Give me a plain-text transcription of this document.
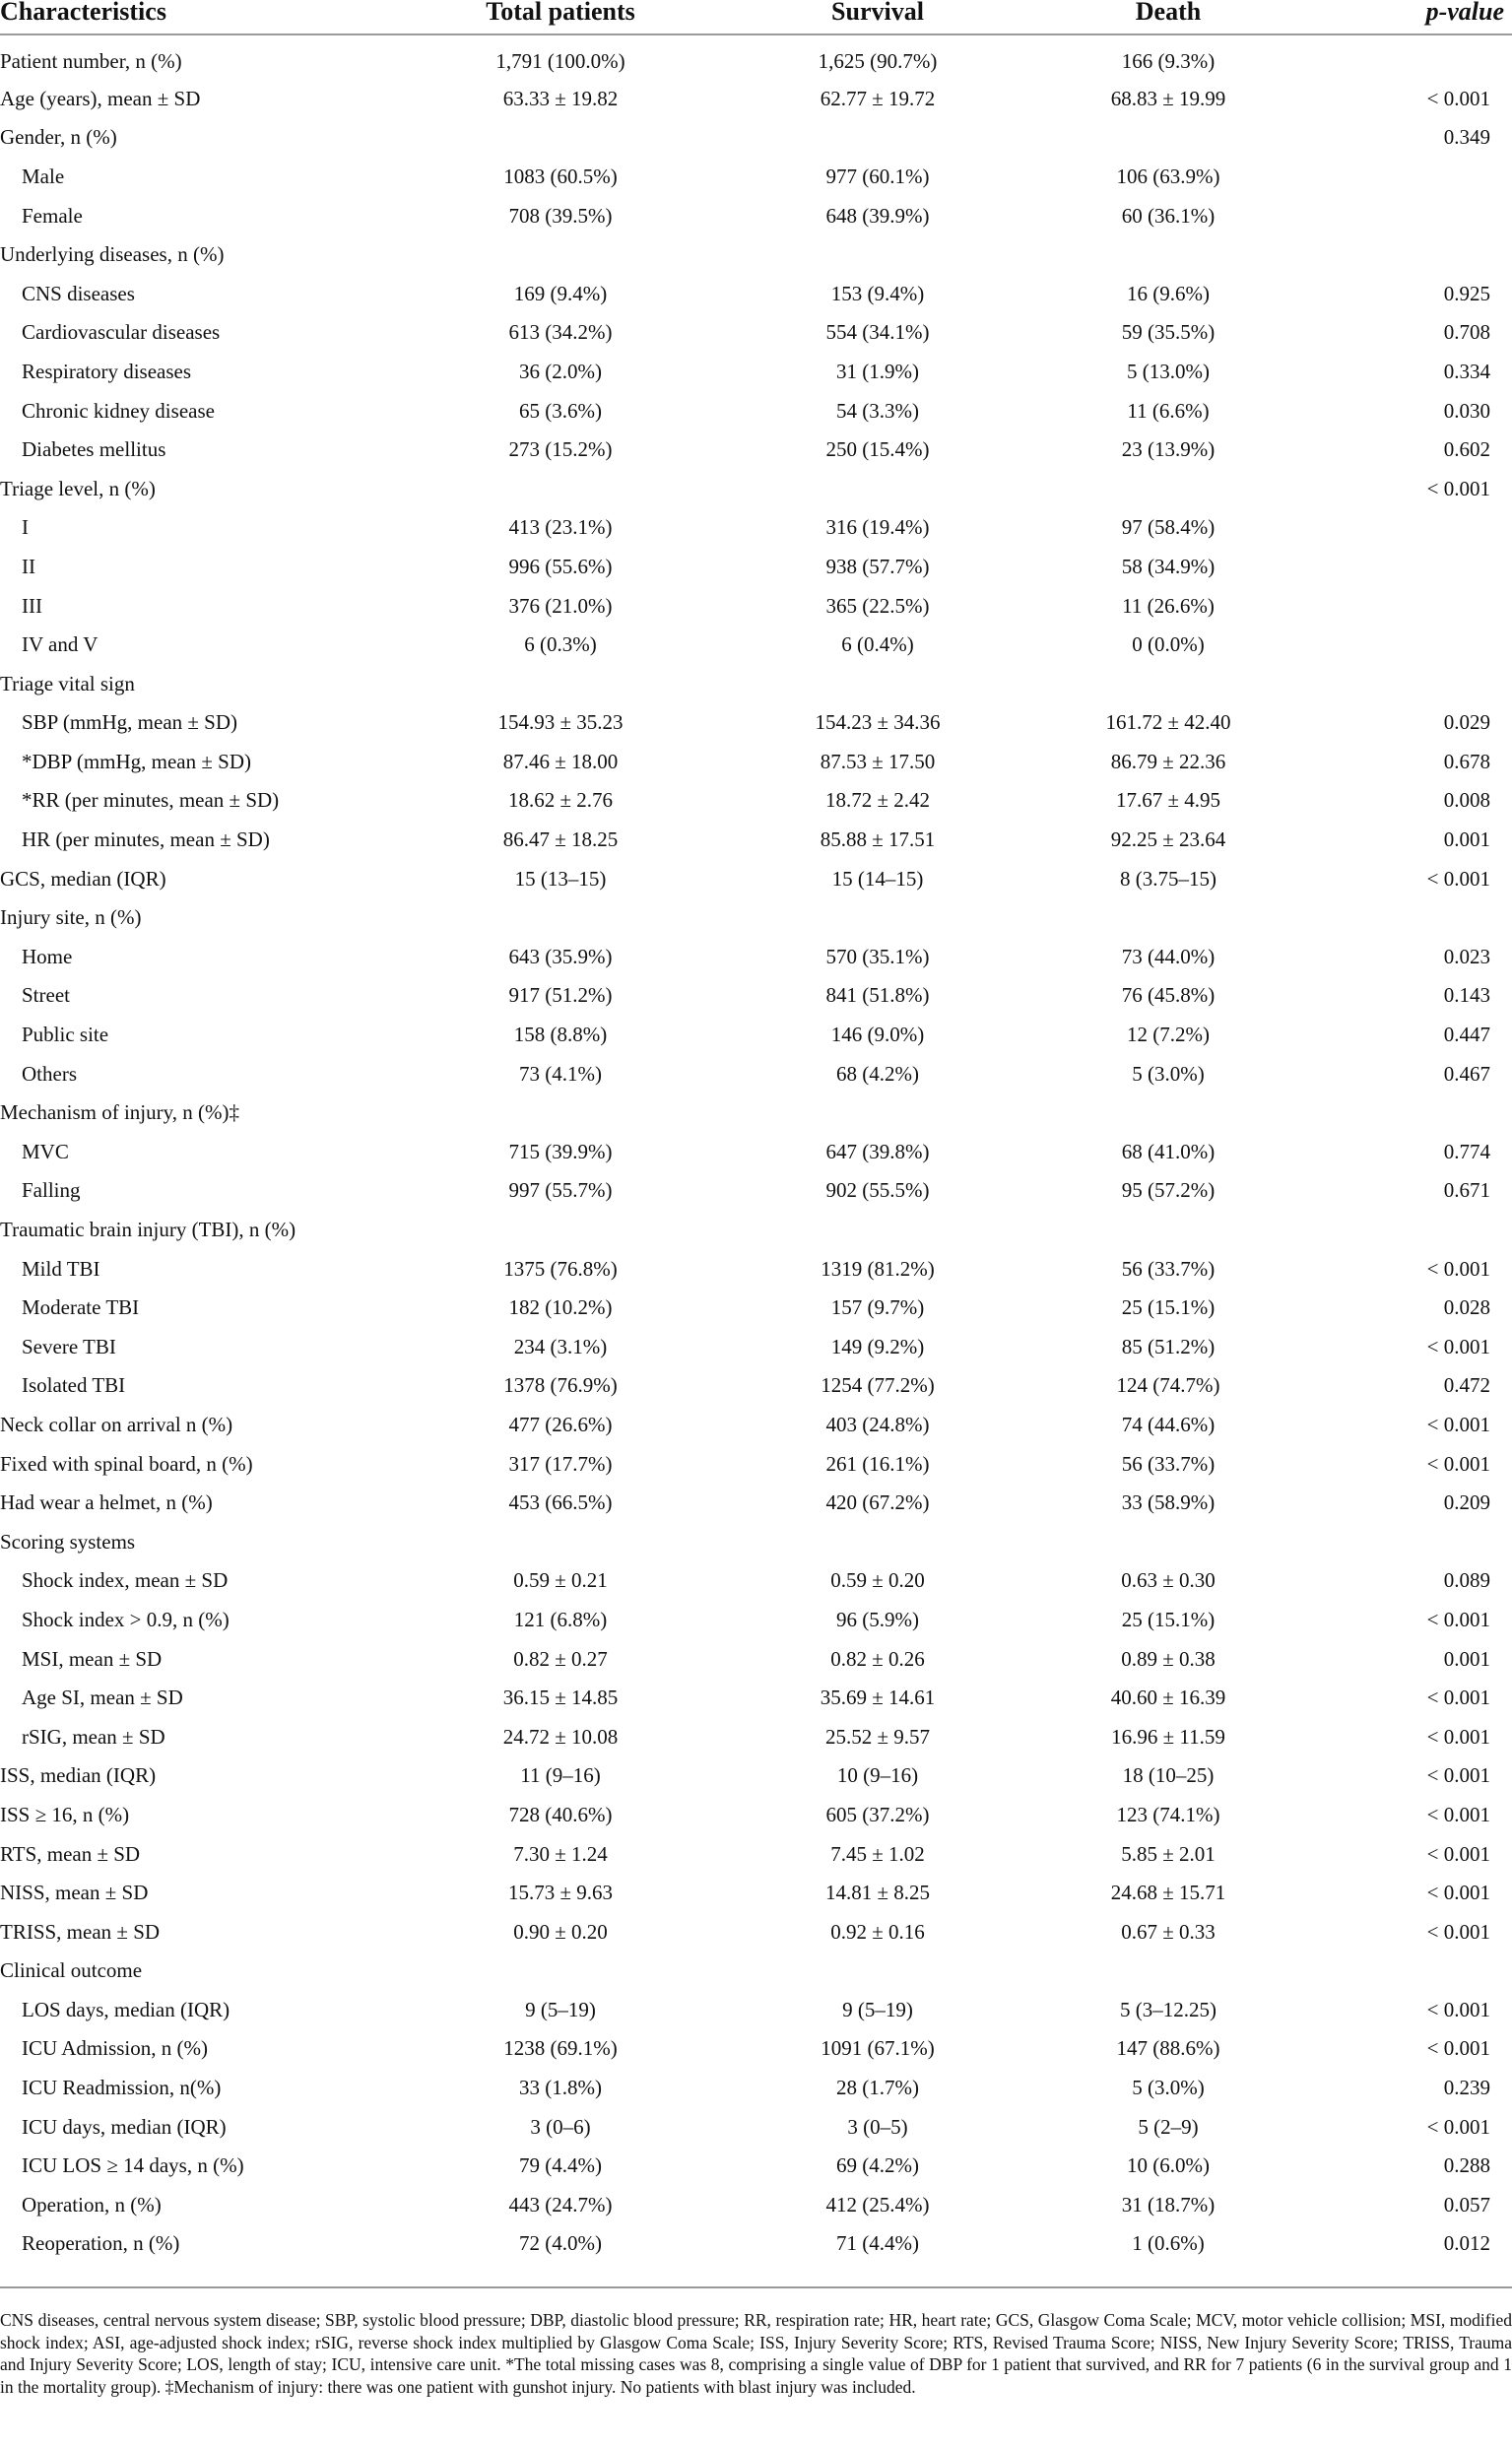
Characteristics	Total patients	Survival	Death	p-value
Patient number, n (%)	1,791 (100.0%)	1,625 (90.7%)	166 (9.3%)	
Age (years), mean ± SD	63.33 ± 19.82	62.77 ± 19.72	68.83 ± 19.99	< 0.001
Gender, n (%)				0.349
Male	1083 (60.5%)	977 (60.1%)	106 (63.9%)	
Female	708 (39.5%)	648 (39.9%)	60 (36.1%)	
Underlying diseases, n (%)				
CNS diseases	169 (9.4%)	153 (9.4%)	16 (9.6%)	0.925
Cardiovascular diseases	613 (34.2%)	554 (34.1%)	59 (35.5%)	0.708
Respiratory diseases	36 (2.0%)	31 (1.9%)	5 (13.0%)	0.334
Chronic kidney disease	65 (3.6%)	54 (3.3%)	11 (6.6%)	0.030
Diabetes mellitus	273 (15.2%)	250 (15.4%)	23 (13.9%)	0.602
Triage level, n (%)				< 0.001
I	413 (23.1%)	316 (19.4%)	97 (58.4%)	
II	996 (55.6%)	938 (57.7%)	58 (34.9%)	
III	376 (21.0%)	365 (22.5%)	11 (26.6%)	
IV and V	6 (0.3%)	6 (0.4%)	0 (0.0%)	
Triage vital sign				
SBP (mmHg, mean ± SD)	154.93 ± 35.23	154.23 ± 34.36	161.72 ± 42.40	0.029
*DBP (mmHg, mean ± SD)	87.46 ± 18.00	87.53 ± 17.50	86.79 ± 22.36	0.678
*RR (per minutes, mean ± SD)	18.62 ± 2.76	18.72 ± 2.42	17.67 ± 4.95	0.008
HR (per minutes, mean ± SD)	86.47 ± 18.25	85.88 ± 17.51	92.25 ± 23.64	0.001
GCS, median (IQR)	15 (13–15)	15 (14–15)	8 (3.75–15)	< 0.001
Injury site, n (%)				
Home	643 (35.9%)	570 (35.1%)	73 (44.0%)	0.023
Street	917 (51.2%)	841 (51.8%)	76 (45.8%)	0.143
Public site	158 (8.8%)	146 (9.0%)	12 (7.2%)	0.447
Others	73 (4.1%)	68 (4.2%)	5 (3.0%)	0.467
Mechanism of injury, n (%)‡				
MVC	715 (39.9%)	647 (39.8%)	68 (41.0%)	0.774
Falling	997 (55.7%)	902 (55.5%)	95 (57.2%)	0.671
Traumatic brain injury (TBI), n (%)				
Mild TBI	1375 (76.8%)	1319 (81.2%)	56 (33.7%)	< 0.001
Moderate TBI	182 (10.2%)	157 (9.7%)	25 (15.1%)	0.028
Severe TBI	234 (3.1%)	149 (9.2%)	85 (51.2%)	< 0.001
Isolated TBI	1378 (76.9%)	1254 (77.2%)	124 (74.7%)	0.472
Neck collar on arrival n (%)	477 (26.6%)	403 (24.8%)	74 (44.6%)	< 0.001
Fixed with spinal board, n (%)	317 (17.7%)	261 (16.1%)	56 (33.7%)	< 0.001
Had wear a helmet, n (%)	453 (66.5%)	420 (67.2%)	33 (58.9%)	0.209
Scoring systems				
Shock index, mean ± SD	0.59 ± 0.21	0.59 ± 0.20	0.63 ± 0.30	0.089
Shock index > 0.9, n (%)	121 (6.8%)	96 (5.9%)	25 (15.1%)	< 0.001
MSI, mean ± SD	0.82 ± 0.27	0.82 ± 0.26	0.89 ± 0.38	0.001
Age SI, mean ± SD	36.15 ± 14.85	35.69 ± 14.61	40.60 ± 16.39	< 0.001
rSIG, mean ± SD	24.72 ± 10.08	25.52 ± 9.57	16.96 ± 11.59	< 0.001
ISS, median (IQR)	11 (9–16)	10 (9–16)	18 (10–25)	< 0.001
ISS ≥ 16, n (%)	728 (40.6%)	605 (37.2%)	123 (74.1%)	< 0.001
RTS, mean ± SD	7.30 ± 1.24	7.45 ± 1.02	5.85 ± 2.01	< 0.001
NISS, mean ± SD	15.73 ± 9.63	14.81 ± 8.25	24.68 ± 15.71	< 0.001
TRISS, mean ± SD	0.90 ± 0.20	0.92 ± 0.16	0.67 ± 0.33	< 0.001
Clinical outcome				
LOS days, median (IQR)	9 (5–19)	9 (5–19)	5 (3–12.25)	< 0.001
ICU Admission, n (%)	1238 (69.1%)	1091 (67.1%)	147 (88.6%)	< 0.001
ICU Readmission, n(%)	33 (1.8%)	28 (1.7%)	5 (3.0%)	0.239
ICU days, median (IQR)	3 (0–6)	3 (0–5)	5 (2–9)	< 0.001
ICU LOS ≥ 14 days, n (%)	79 (4.4%)	69 (4.2%)	10 (6.0%)	0.288
Operation, n (%)	443 (24.7%)	412 (25.4%)	31 (18.7%)	0.057
Reoperation, n (%)	72 (4.0%)	71 (4.4%)	1 (0.6%)	0.012
CNS diseases, central nervous system disease; SBP, systolic blood pressure; DBP, diastolic blood pressure; RR, respiration rate; HR, heart rate; GCS, Glasgow Coma Scale; MCV, motor vehicle collision; MSI, modified shock index; ASI, age-adjusted shock index; rSIG, reverse shock index multiplied by Glasgow Coma Scale; ISS, Injury Severity Score; RTS, Revised Trauma Score; NISS, New Injury Severity Score; TRISS, Trauma and Injury Severity Score; LOS, length of stay; ICU, intensive care unit. *The total missing cases was 8, comprising a single value of DBP for 1 patient that survived, and RR for 7 patients (6 in the survival group and 1 in the mortality group). ‡Mechanism of injury: there was one patient with gunshot injury. No patients with blast injury was included.
